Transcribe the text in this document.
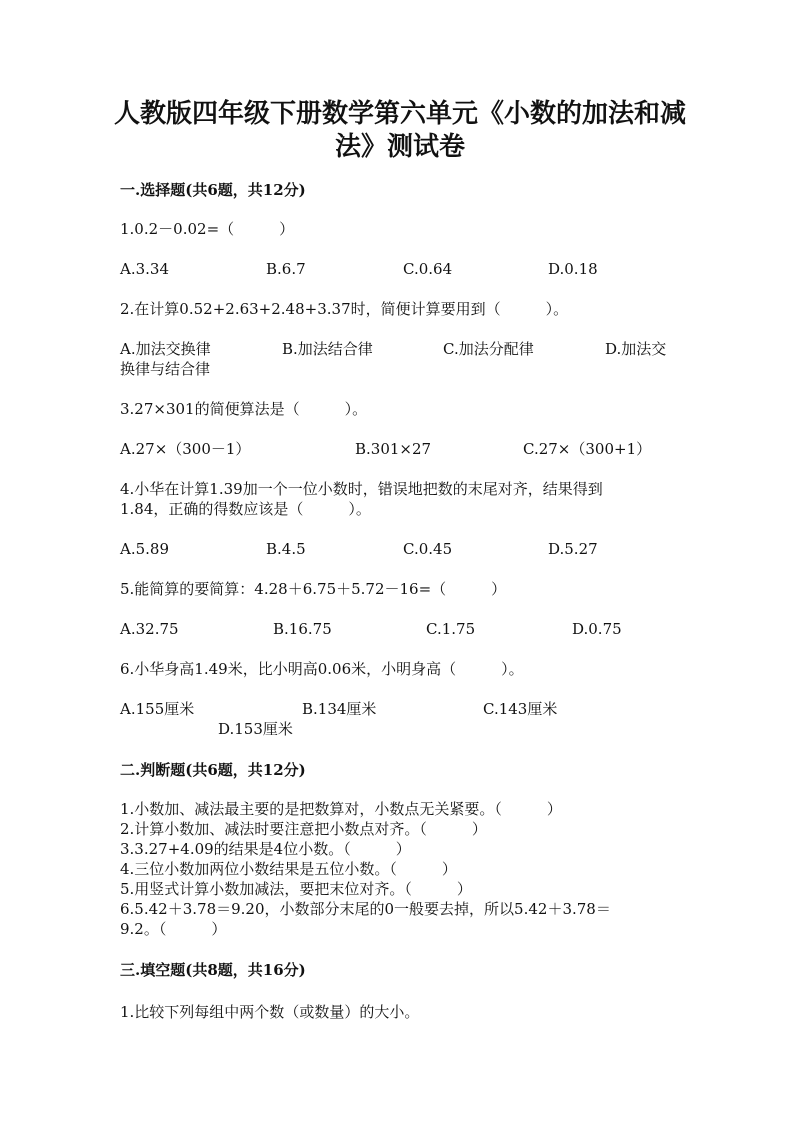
人教版四年级下册数学第六单元《小数的加法和减
法》测试卷
一.选择题(共6题，共12分)
1.0.2－0.02=（　　　）
A.3.34	B.6.7	C.0.64	D.0.18
2.在计算0.52+2.63+2.48+3.37时，简便计算要用到（　　　）。
A.加法交换律	B.加法结合律	C.加法分配律	D.加法交
换律与结合律
3.27×301的简便算法是（　　　）。
A.27×（300－1）	B.301×27	C.27×（300+1）
4.小华在计算1.39加一个一位小数时，错误地把数的末尾对齐，结果得到
1.84，正确的得数应该是（　　　）。
A.5.89	B.4.5	C.0.45	D.5.27
5.能简算的要简算：4.28＋6.75＋5.72－16=（　　　）
A.32.75	B.16.75	C.1.75	D.0.75
6.小华身高1.49米，比小明高0.06米，小明身高（　　　）。
A.155厘米	B.134厘米	C.143厘米
D.153厘米
二.判断题(共6题，共12分)
1.小数加、减法最主要的是把数算对，小数点无关紧要。（　　　）
2.计算小数加、减法时要注意把小数点对齐。（　　　）
3.3.27+4.09的结果是4位小数。（　　　）
4.三位小数加两位小数结果是五位小数。（　　　）
5.用竖式计算小数加减法，要把末位对齐。（　　　）
6.5.42＋3.78＝9.20，小数部分末尾的0一般要去掉，所以5.42＋3.78＝
9.2。（　　　）
三.填空题(共8题，共16分)
1.比较下列每组中两个数（或数量）的大小。
